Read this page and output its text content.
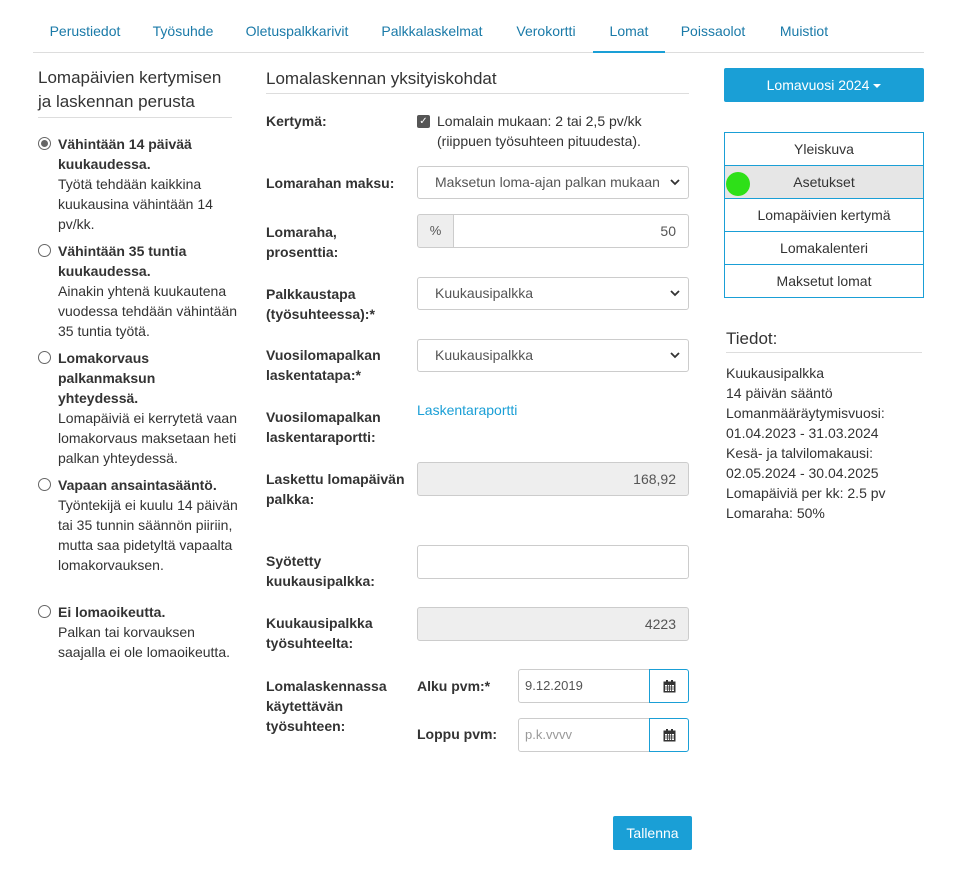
Perustiedot	Työsuhde	Oletuspalkkarivit	Palkkalaskelmat	Verokortti	Lomat	Poissaolot	Muistiot
Lomapäivien kertymisen ja laskennan perusta
Vähintään 14 päivää kuukaudessa.
Työtä tehdään kaikkina kuukausina vähintään 14 pv/kk.
Vähintään 35 tuntia kuukaudessa.
Ainakin yhtenä kuukautena vuodessa tehdään vähintään 35 tuntia työtä.
Lomakorvaus palkanmaksun yhteydessä.
Lomapäiviä ei kerrytetä vaan lomakorvaus maksetaan heti palkan yhteydessä.
Vapaan ansaintasääntö.
Työntekijä ei kuulu 14 päivän tai 35 tunnin säännön piiriin, mutta saa pidetyltä vapaalta lomakorvauksen.
Ei lomaoikeutta.
Palkan tai korvauksen saajalla ei ole lomaoikeutta.
Lomalaskennan yksityiskohdat
Kertymä:	✓ Lomalain mukaan: 2 tai 2,5 pv/kk (riippuen työsuhteen pituudesta).
Lomarahan maksu:	Maksetun loma-ajan palkan mukaan
Lomaraha, prosenttia:
%	50
Palkkaustapa (työsuhteessa):*
Kuukausipalkka
Vuosilomapalkan laskentatapa:*
Kuukausipalkka
Vuosilomapalkan laskentaraportti:
Laskentaraportti
Laskettu lomapäivän palkka:
168,92
Syötetty kuukausipalkka:
Kuukausipalkka työsuhteelta:
4223
Lomalaskennassa käytettävän työsuhteen:
Alku pvm:*	9.12.2019
Loppu pvm:	p.k.vvvv
Tallenna
Lomavuosi 2024
Yleiskuva
Asetukset
Lomapäivien kertymä
Lomakalenteri
Maksetut lomat
Tiedot:
Kuukausipalkka
14 päivän sääntö
Lomanmääräytymisvuosi:
01.04.2023 - 31.03.2024
Kesä- ja talvilomakausi:
02.05.2024 - 30.04.2025
Lomapäiviä per kk: 2.5 pv
Lomaraha: 50%
